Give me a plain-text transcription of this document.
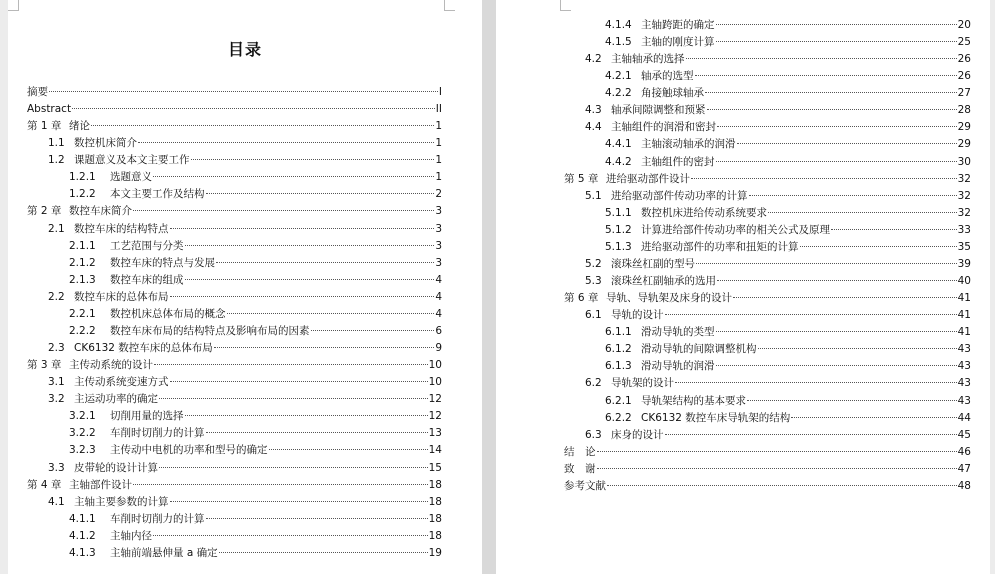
目录
摘要	I
Abstract	II
第 1 章 绪论	1
1.1 数控机床简介	1
1.2 课题意义及本文主要工作	1
1.2.1	选题意义	1
1.2.2	本文主要工作及结构	2
第 2 章 数控车床简介	3
2.1 数控车床的结构特点	3
2.1.1	工艺范围与分类	3
2.1.2	数控车床的特点与发展	3
2.1.3	数控车床的组成	4
2.2 数控车床的总体布局	4
2.2.1	数控机床总体布局的概念	4
2.2.2	数控车床布局的结构特点及影响布局的因素	6
2.3 CK6132 数控车床的总体布局	9
第 3 章 主传动系统的设计	10
3.1 主传动系统变速方式	10
3.2 主运动功率的确定	12
3.2.1	切削用量的选择	12
3.2.2	车削时切削力的计算	13
3.2.3	主传动中电机的功率和型号的确定	14
3.3 皮带轮的设计计算	15
第 4 章 主轴部件设计	18
4.1 主轴主要参数的计算	18
4.1.1	车削时切削力的计算	18
4.1.2	主轴内径	18
4.1.3	主轴前端悬伸量 a 确定	19
4.1.4 主轴跨距的确定	20
4.1.5 主轴的刚度计算	25
4.2 主轴轴承的选择	26
4.2.1 轴承的选型	26
4.2.2 角接触球轴承	27
4.3 轴承间隙调整和预紧	28
4.4 主轴组件的润滑和密封	29
4.4.1 主轴滚动轴承的润滑	29
4.4.2 主轴组件的密封	30
第 5 章 进给驱动部件设计	32
5.1 进给驱动部件传动功率的计算	32
5.1.1 数控机床进给传动系统要求	32
5.1.2 计算进给部件传动功率的相关公式及原理	33
5.1.3 进给驱动部件的功率和扭矩的计算	35
5.2 滚珠丝杠副的型号	39
5.3 滚珠丝杠副轴承的选用	40
第 6 章 导轨、导轨架及床身的设计	41
6.1 导轨的设计	41
6.1.1 滑动导轨的类型	41
6.1.2 滑动导轨的间隙调整机构	43
6.1.3 滑动导轨的润滑	43
6.2 导轨架的设计	43
6.2.1 导轨架结构的基本要求	43
6.2.2 CK6132 数控车床导轨架的结构	44
6.3 床身的设计	45
结　论	46
致　谢	47
参考文献	48
